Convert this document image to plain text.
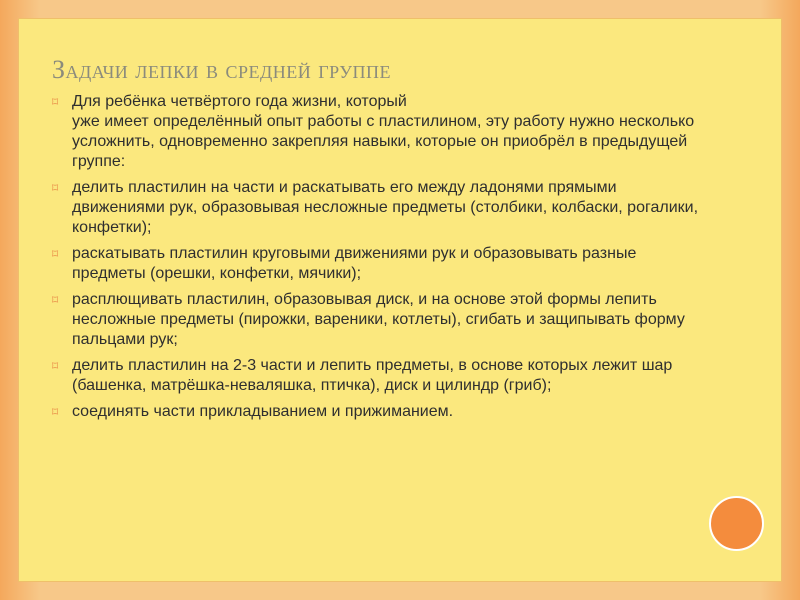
Задачи лепки в средней группе
⌑ Для ребёнка четвёртого года жизни, который
уже имеет определённый опыт работы с пластилином, эту работу нужно несколько усложнить, одновременно закрепляя навыки, которые он приобрёл в предыдущей группе:
⌑ делить пластилин на части и раскатывать его между ладонями прямыми движениями рук, образовывая несложные предметы (столбики, колбаски, рогалики, конфетки);
⌑ раскатывать пластилин круговыми движениями рук и образовывать разные предметы (орешки, конфетки, мячики);
⌑ расплющивать пластилин, образовывая диск, и на основе этой формы лепить несложные предметы (пирожки, вареники, котлеты), сгибать и защипывать форму пальцами рук;
⌑ делить пластилин на 2-3 части и лепить предметы, в основе которых лежит шар (башенка, матрёшка-неваляшка, птичка), диск и цилиндр (гриб);
⌑ соединять части прикладыванием и прижиманием.
